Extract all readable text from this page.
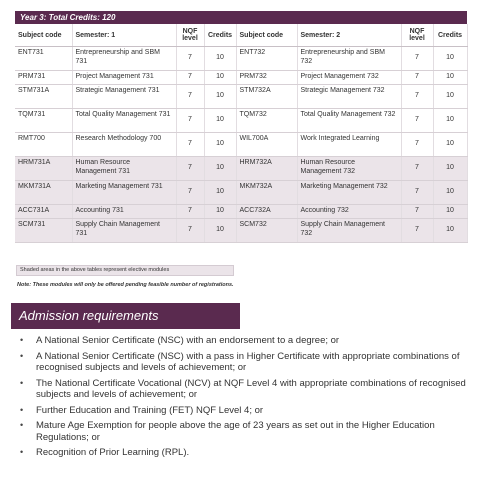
Year 3: Total Credits: 120
Subject code	Semester: 1	NQF level	Credits	Subject code	Semester: 2	NQF level	Credits
ENT731	Entrepreneurship and SBM 731	7	10	ENT732	Entrepreneurship and SBM 732	7	10
PRM731	Project Management 731	7	10	PRM732	Project Management 732	7	10
STM731A	Strategic Management 731	7	10	STM732A	Strategic Management 732	7	10
TQM731	Total Quality Management 731	7	10	TQM732	Total Quality Management 732	7	10
RMT700	Research Methodology 700	7	10	WIL700A	Work Integrated Learning	7	10
HRM731A	Human Resource Management 731	7	10	HRM732A	Human Resource Management 732	7	10
MKM731A	Marketing Management 731	7	10	MKM732A	Marketing Management 732	7	10
ACC731A	Accounting 731	7	10	ACC732A	Accounting 732	7	10
SCM731	Supply Chain Management 731	7	10	SCM732	Supply Chain Management 732	7	10
Shaded areas in the above tables represent elective modules
Note: These modules will only be offered pending feasible number of registrations.
Admission requirements
• A National Senior Certificate (NSC) with an endorsement to a degree; or
• A National Senior Certificate (NSC) with a pass in Higher Certificate with appropriate combinations of recognised subjects and levels of achievement; or
• The National Certificate Vocational (NCV) at NQF Level 4 with appropriate combinations of recognised subjects and levels of achievement; or
• Further Education and Training (FET) NQF Level 4; or
• Mature Age Exemption for people above the age of 23 years as set out in the Higher Education Regulations; or
• Recognition of Prior Learning (RPL).
